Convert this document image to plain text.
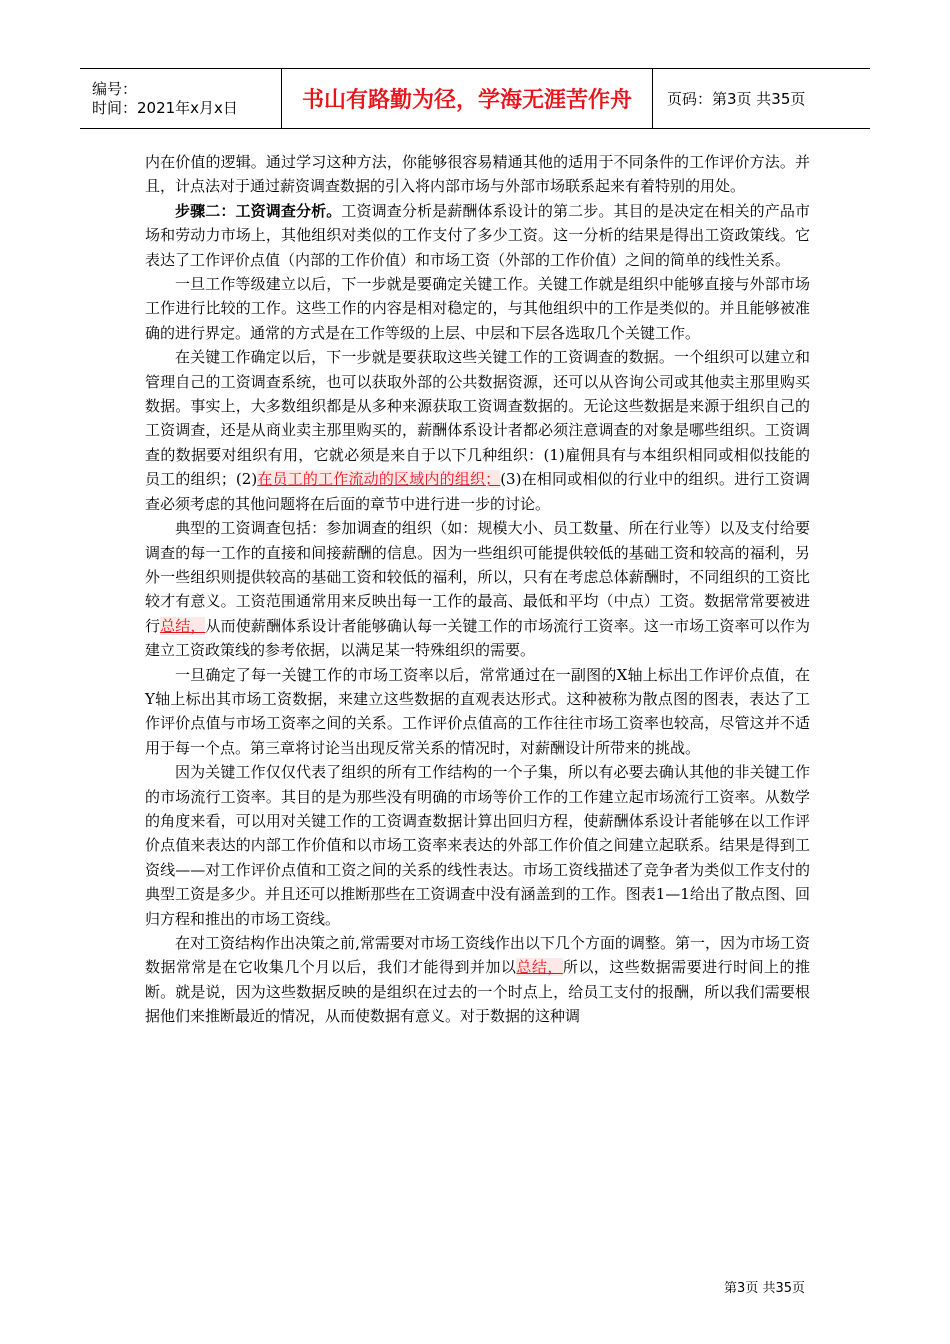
编号：
时间：2021年x月x日	书山有路勤为径，学海无涯苦作舟 页码：第3页 共35页

内在价值的逻辑。通过学习这种方法，你能够很容易精通其他的适用于不同条件的工作评价方法。并且，计点法对于通过薪资调查数据的引入将内部市场与外部市场联系起来有着特别的用处。

步骤二：工资调查分析。工资调查分析是薪酬体系设计的第二步。其目的是决定在相关的产品市场和劳动力市场上，其他组织对类似的工作支付了多少工资。这一分析的结果是得出工资政策线。它表达了工作评价点值（内部的工作价值）和市场工资（外部的工作价值）之间的简单的线性关系。

一旦工作等级建立以后，下一步就是要确定关键工作。关键工作就是组织中能够直接与外部市场工作进行比较的工作。这些工作的内容是相对稳定的，与其他组织中的工作是类似的。并且能够被准确的进行界定。通常的方式是在工作等级的上层、中层和下层各选取几个关键工作。

在关键工作确定以后，下一步就是要获取这些关键工作的工资调查的数据。一个组织可以建立和管理自己的工资调查系统，也可以获取外部的公共数据资源，还可以从咨询公司或其他卖主那里购买数据。事实上，大多数组织都是从多种来源获取工资调查数据的。无论这些数据是来源于组织自己的工资调查，还是从商业卖主那里购买的，薪酬体系设计者都必须注意调查的对象是哪些组织。工资调查的数据要对组织有用，它就必须是来自于以下几种组织：(1)雇佣具有与本组织相同或相似技能的员工的组织；(2)在员工的工作流动的区域内的组织；(3)在相同或相似的行业中的组织。进行工资调查必须考虑的其他问题将在后面的章节中进行进一步的讨论。

典型的工资调查包括：参加调查的组织（如：规模大小、员工数量、所在行业等）以及支付给要调查的每一工作的直接和间接薪酬的信息。因为一些组织可能提供较低的基础工资和较高的福利，另外一些组织则提供较高的基础工资和较低的福利，所以，只有在考虑总体薪酬时，不同组织的工资比较才有意义。工资范围通常用来反映出每一工作的最高、最低和平均（中点）工资。数据常常要被进行总结，从而使薪酬体系设计者能够确认每一关键工作的市场流行工资率。这一市场工资率可以作为建立工资政策线的参考依据，以满足某一特殊组织的需要。

一旦确定了每一关键工作的市场工资率以后，常常通过在一副图的X轴上标出工作评价点值，在Y轴上标出其市场工资数据，来建立这些数据的直观表达形式。这种被称为散点图的图表，表达了工作评价点值与市场工资率之间的关系。工作评价点值高的工作往往市场工资率也较高，尽管这并不适用于每一个点。第三章将讨论当出现反常关系的情况时，对薪酬设计所带来的挑战。

因为关键工作仅仅代表了组织的所有工作结构的一个子集，所以有必要去确认其他的非关键工作的市场流行工资率。其目的是为那些没有明确的市场等价工作的工作建立起市场流行工资率。从数学的角度来看，可以用对关键工作的工资调查数据计算出回归方程，使薪酬体系设计者能够在以工作评价点值来表达的内部工作价值和以市场工资率来表达的外部工作价值之间建立起联系。结果是得到工资线——对工作评价点值和工资之间的关系的线性表达。市场工资线描述了竞争者为类似工作支付的典型工资是多少。并且还可以推断那些在工资调查中没有涵盖到的工作。图表1—1给出了散点图、回归方程和推出的市场工资线。

在对工资结构作出决策之前,常需要对市场工资线作出以下几个方面的调整。第一，因为市场工资数据常常是在它收集几个月以后，我们才能得到并加以总结，所以，这些数据需要进行时间上的推断。就是说，因为这些数据反映的是组织在过去的一个时点上，给员工支付的报酬，所以我们需要根据他们来推断最近的情况，从而使数据有意义。对于数据的这种调

第3页 共35页
